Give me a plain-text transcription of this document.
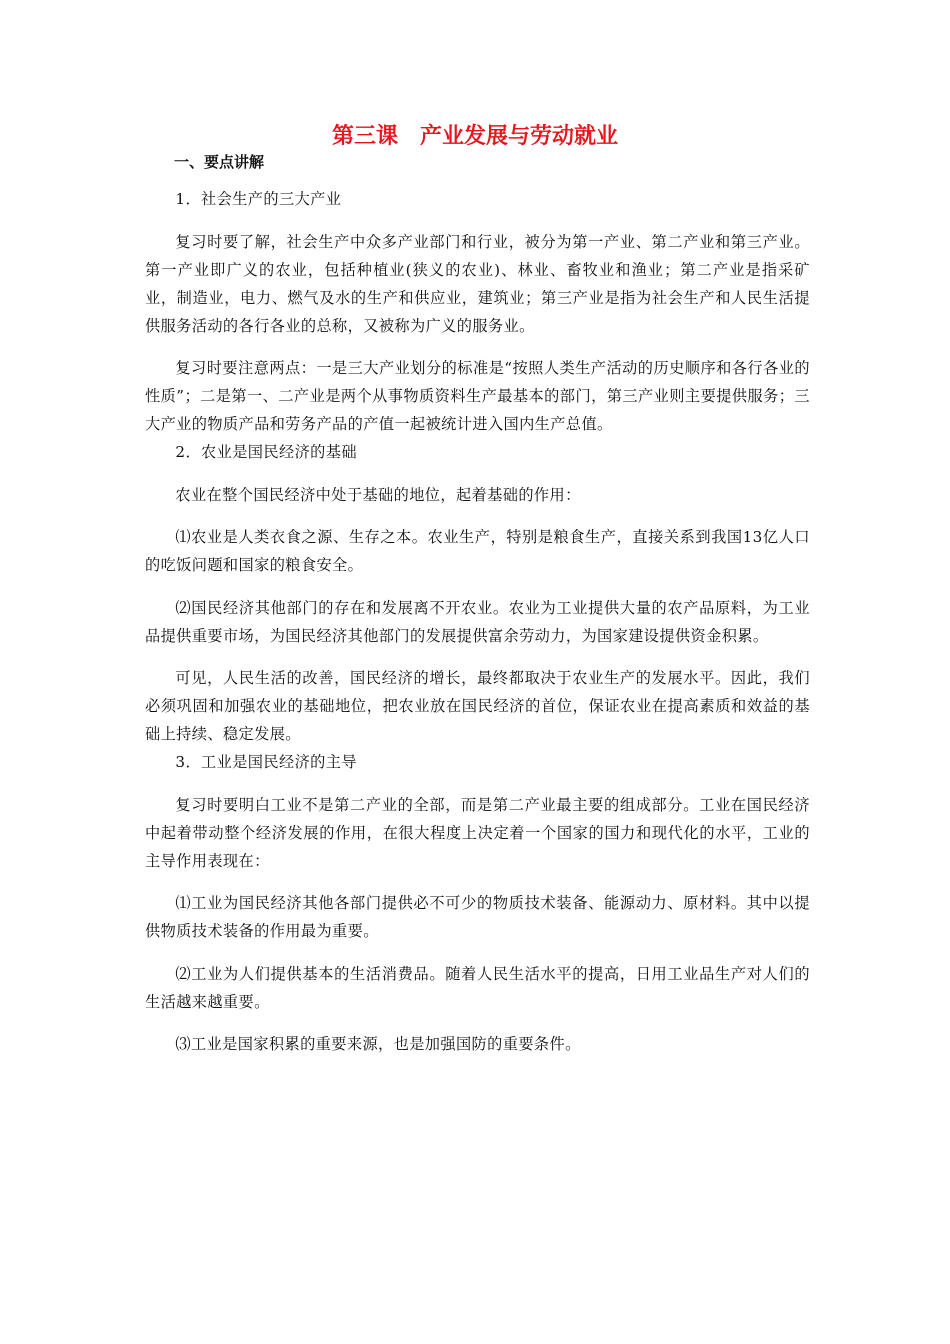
第三课　产业发展与劳动就业
一、要点讲解

1．社会生产的三大产业

复习时要了解，社会生产中众多产业部门和行业，被分为第一产业、第二产业和第三产业。第一产业即广义的农业，包括种植业(狭义的农业)、林业、畜牧业和渔业；第二产业是指采矿业，制造业，电力、燃气及水的生产和供应业，建筑业；第三产业是指为社会生产和人民生活提供服务活动的各行各业的总称，又被称为广义的服务业。

复习时要注意两点：一是三大产业划分的标准是“按照人类生产活动的历史顺序和各行各业的性质”；二是第一、二产业是两个从事物质资料生产最基本的部门，第三产业则主要提供服务；三大产业的物质产品和劳务产品的产值一起被统计进入国内生产总值。

2．农业是国民经济的基础

农业在整个国民经济中处于基础的地位，起着基础的作用：

⑴农业是人类衣食之源、生存之本。农业生产，特别是粮食生产，直接关系到我国13亿人口的吃饭问题和国家的粮食安全。

⑵国民经济其他部门的存在和发展离不开农业。农业为工业提供大量的农产品原料，为工业品提供重要市场，为国民经济其他部门的发展提供富余劳动力，为国家建设提供资金积累。

可见，人民生活的改善，国民经济的增长，最终都取决于农业生产的发展水平。因此，我们必须巩固和加强农业的基础地位，把农业放在国民经济的首位，保证农业在提高素质和效益的基础上持续、稳定发展。

3．工业是国民经济的主导

复习时要明白工业不是第二产业的全部，而是第二产业最主要的组成部分。工业在国民经济中起着带动整个经济发展的作用，在很大程度上决定着一个国家的国力和现代化的水平，工业的主导作用表现在：

⑴工业为国民经济其他各部门提供必不可少的物质技术装备、能源动力、原材料。其中以提供物质技术装备的作用最为重要。

⑵工业为人们提供基本的生活消费品。随着人民生活水平的提高，日用工业品生产对人们的生活越来越重要。

⑶工业是国家积累的重要来源，也是加强国防的重要条件。
